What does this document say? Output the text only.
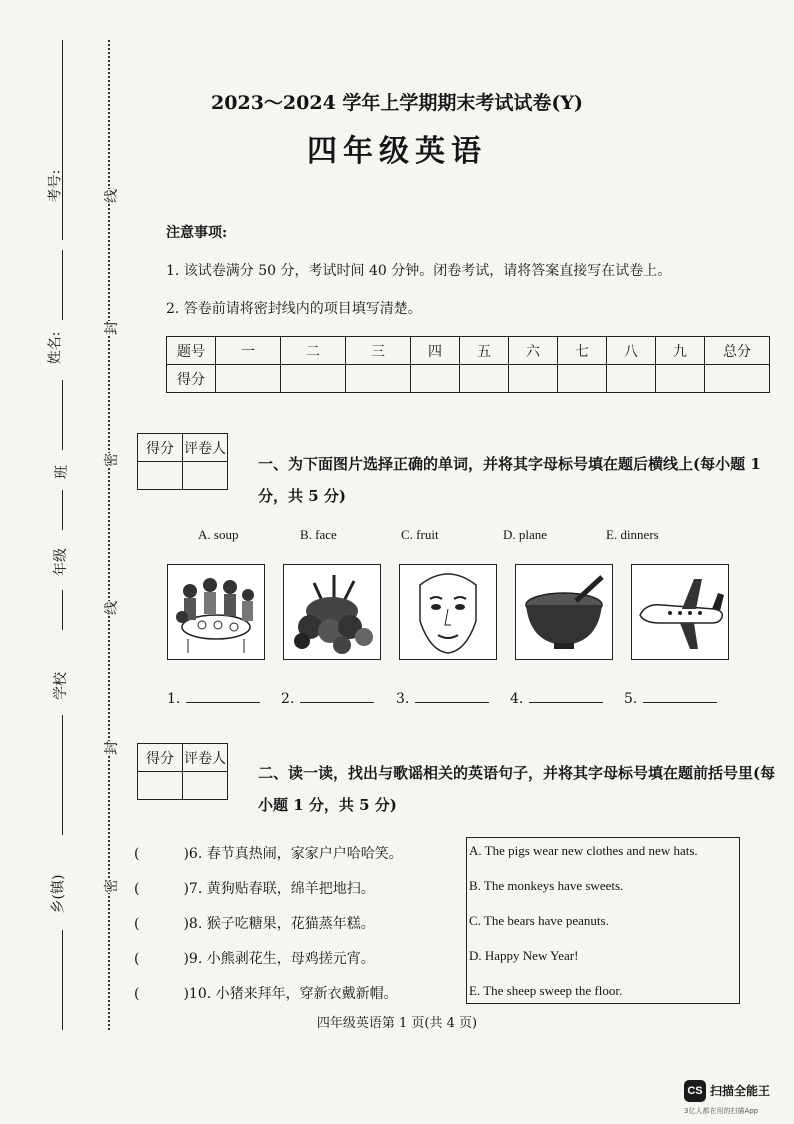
考号:
姓名:
班
年级
学校
乡(镇)
线
封
密
线
封
密
2023～2024 学年上学期期末考试试卷(Y)
四年级英语
注意事项:
1. 该试卷满分 50 分，考试时间 40 分钟。闭卷考试，请将答案直接写在试卷上。
2. 答卷前请将密封线内的项目填写清楚。
题号	一	二	三	四	五	六	七	八	九	总分
得分										
得分	评卷人

一、为下面图片选择正确的单词，并将其字母标号填在题后横线上(每小题 1
分，共 5 分)
A. soup	B. face	C. fruit	D. plane	E. dinners
1.	2.	3.	4.	5.
得分	评卷人

二、读一读，找出与歌谣相关的英语句子，并将其字母标号填在题前括号里(每
小题 1 分，共 5 分)
(	)6. 春节真热闹，家家户户哈哈笑。
(	)7. 黄狗贴春联，绵羊把地扫。
(	)8. 猴子吃糖果，花猫蒸年糕。
(	)9. 小熊剥花生，母鸡搓元宵。
(	)10. 小猪来拜年，穿新衣戴新帽。
A. The pigs wear new clothes and new hats.
B. The monkeys have sweets.
C. The bears have peanuts.
D. Happy New Year!
E. The sheep sweep the floor.
四年级英语第 1 页(共 4 页)
CS 扫描全能王
3亿人都在用的扫描App
